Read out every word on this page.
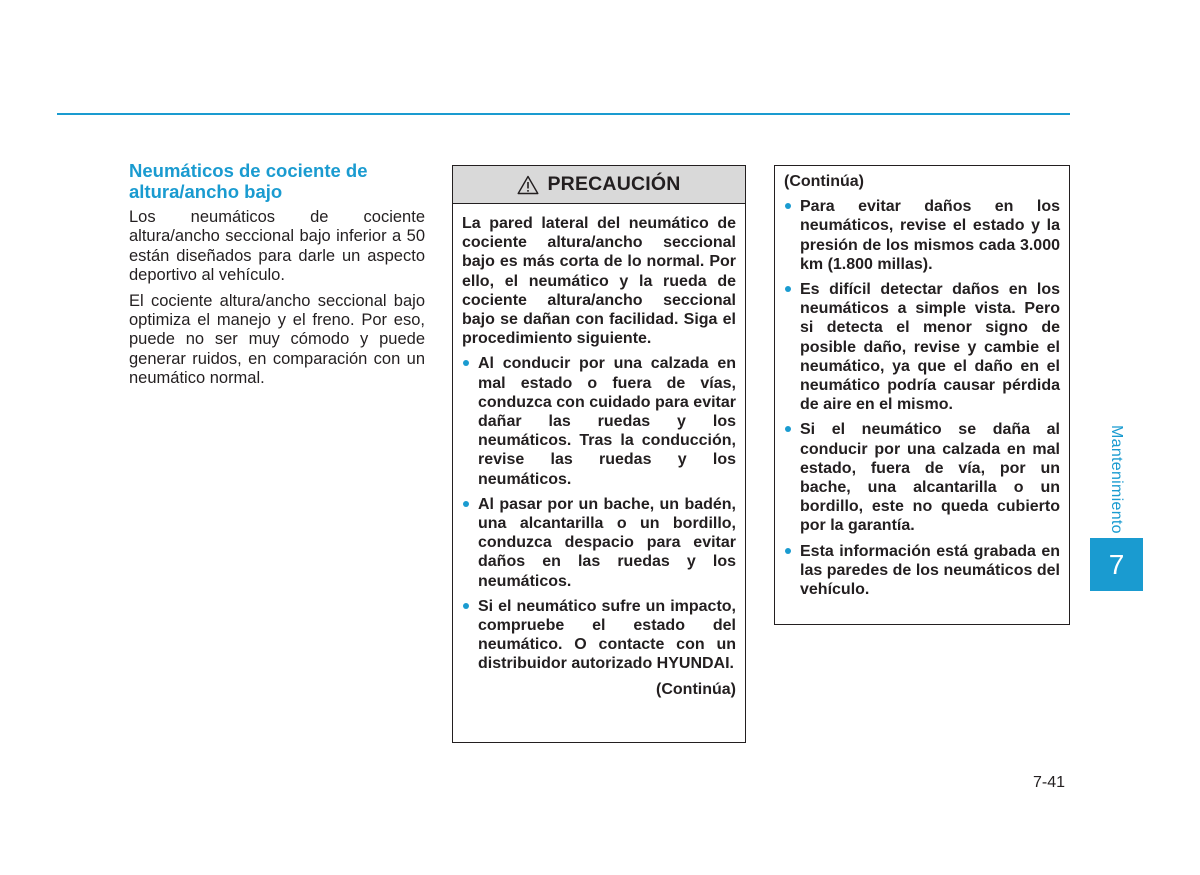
Neumáticos de cociente de altura/ancho bajo

Los neumáticos de cociente altura/ancho seccional bajo inferior a 50 están diseñados para darle un aspecto deportivo al vehículo.

El cociente altura/ancho seccional bajo optimiza el manejo y el freno. Por eso, puede no ser muy cómodo y puede generar ruidos, en comparación con un neumático normal.

PRECAUCIÓN

La pared lateral del neumático de cociente altura/ancho seccional bajo es más corta de lo normal. Por ello, el neumático y la rueda de cociente altura/ancho seccional bajo se dañan con facilidad. Siga el procedimiento siguiente.

Al conducir por una calzada en mal estado o fuera de vías, conduzca con cuidado para evitar dañar las ruedas y los neumáticos. Tras la conducción, revise las ruedas y los neumáticos.

Al pasar por un bache, un badén, una alcantarilla o un bordillo, conduzca despacio para evitar daños en las ruedas y los neumáticos.

Si el neumático sufre un impacto, compruebe el estado del neumático. O contacte con un distribuidor autorizado HYUNDAI.

(Continúa)

(Continúa)

Para evitar daños en los neumáticos, revise el estado y la presión de los mismos cada 3.000 km (1.800 millas).

Es difícil detectar daños en los neumáticos a simple vista. Pero si detecta el menor signo de posible daño, revise y cambie el neumático, ya que el daño en el neumático podría causar pérdida de aire en el mismo.

Si el neumático se daña al conducir por una calzada en mal estado, fuera de vía, por un bache, una alcantarilla o un bordillo, este no queda cubierto por la garantía.

Esta información está grabada en las paredes de los neumáticos del vehículo.

Mantenimiento
7
7-41
